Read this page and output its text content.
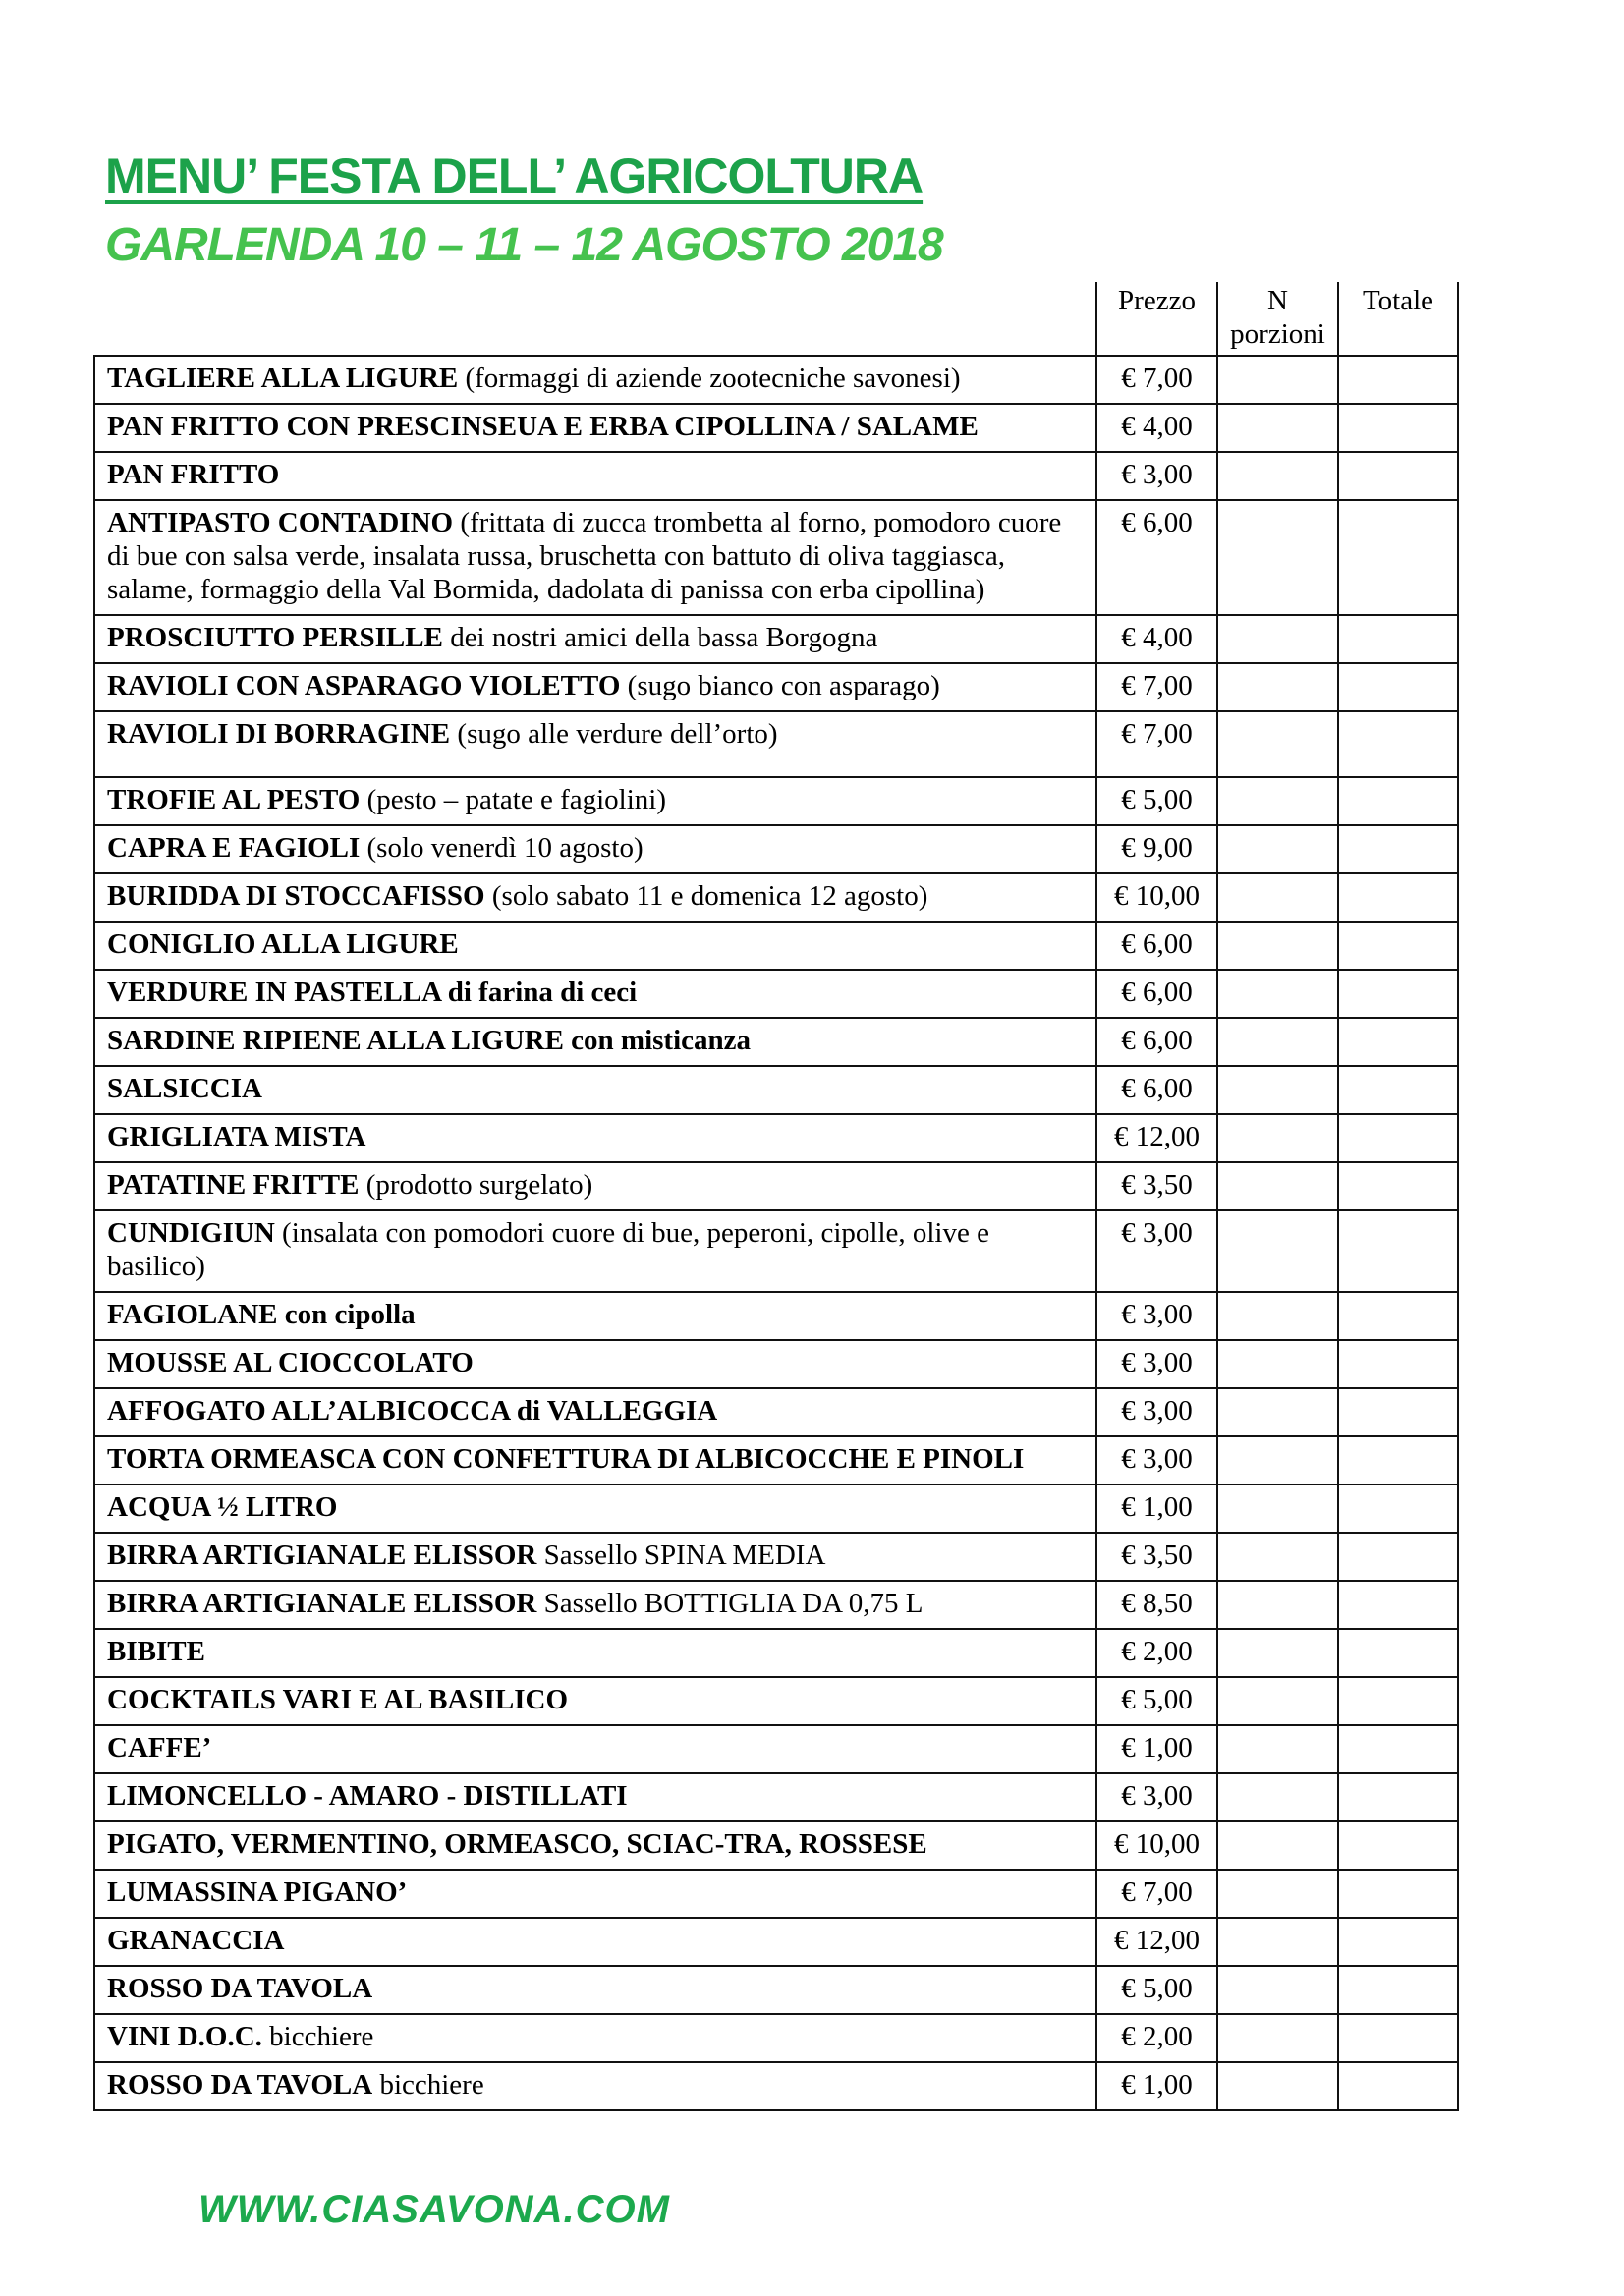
MENU’ FESTA DELL’ AGRICOLTURA
GARLENDA 10 – 11 – 12 AGOSTO 2018
	Prezzo	N porzioni	Totale
TAGLIERE ALLA LIGURE (formaggi di aziende zootecniche savonesi)	€ 7,00		
PAN FRITTO CON PRESCINSEUA E ERBA CIPOLLINA / SALAME	€ 4,00		
PAN FRITTO	€ 3,00		
ANTIPASTO CONTADINO (frittata di zucca trombetta al forno, pomodoro cuore di bue con salsa verde, insalata russa, bruschetta con battuto di oliva taggiasca, salame, formaggio della Val Bormida, dadolata di panissa con erba cipollina)	€ 6,00		
PROSCIUTTO PERSILLE dei nostri amici della bassa Borgogna	€ 4,00		
RAVIOLI CON ASPARAGO VIOLETTO (sugo bianco con asparago)	€ 7,00		
RAVIOLI DI BORRAGINE (sugo alle verdure dell’orto)	€ 7,00		
TROFIE AL PESTO (pesto – patate e fagiolini)	€ 5,00		
CAPRA E FAGIOLI (solo venerdì 10 agosto)	€ 9,00		
BURIDDA DI STOCCAFISSO (solo sabato 11 e domenica 12 agosto)	€ 10,00		
CONIGLIO ALLA LIGURE	€ 6,00		
VERDURE IN PASTELLA di farina di ceci	€ 6,00		
SARDINE RIPIENE ALLA LIGURE con misticanza	€ 6,00		
SALSICCIA	€ 6,00		
GRIGLIATA MISTA	€ 12,00		
PATATINE FRITTE (prodotto surgelato)	€ 3,50		
CUNDIGIUN (insalata con pomodori cuore di bue, peperoni, cipolle, olive e basilico)	€ 3,00		
FAGIOLANE con cipolla	€ 3,00		
MOUSSE AL CIOCCOLATO	€ 3,00		
AFFOGATO ALL’ALBICOCCA di VALLEGGIA	€ 3,00		
TORTA ORMEASCA CON CONFETTURA DI ALBICOCCHE E PINOLI	€ 3,00		
ACQUA ½ LITRO	€ 1,00		
BIRRA ARTIGIANALE ELISSOR Sassello SPINA MEDIA	€ 3,50		
BIRRA ARTIGIANALE ELISSOR Sassello BOTTIGLIA DA 0,75 L	€ 8,50		
BIBITE	€ 2,00		
COCKTAILS VARI E AL BASILICO	€ 5,00		
CAFFE’	€ 1,00		
LIMONCELLO - AMARO - DISTILLATI	€ 3,00		
PIGATO, VERMENTINO, ORMEASCO, SCIAC-TRA, ROSSESE	€ 10,00		
LUMASSINA PIGANO’	€ 7,00		
GRANACCIA	€ 12,00		
ROSSO DA TAVOLA	€ 5,00		
VINI D.O.C. bicchiere	€ 2,00		
ROSSO DA TAVOLA bicchiere	€ 1,00		
WWW.CIASAVONA.COM
